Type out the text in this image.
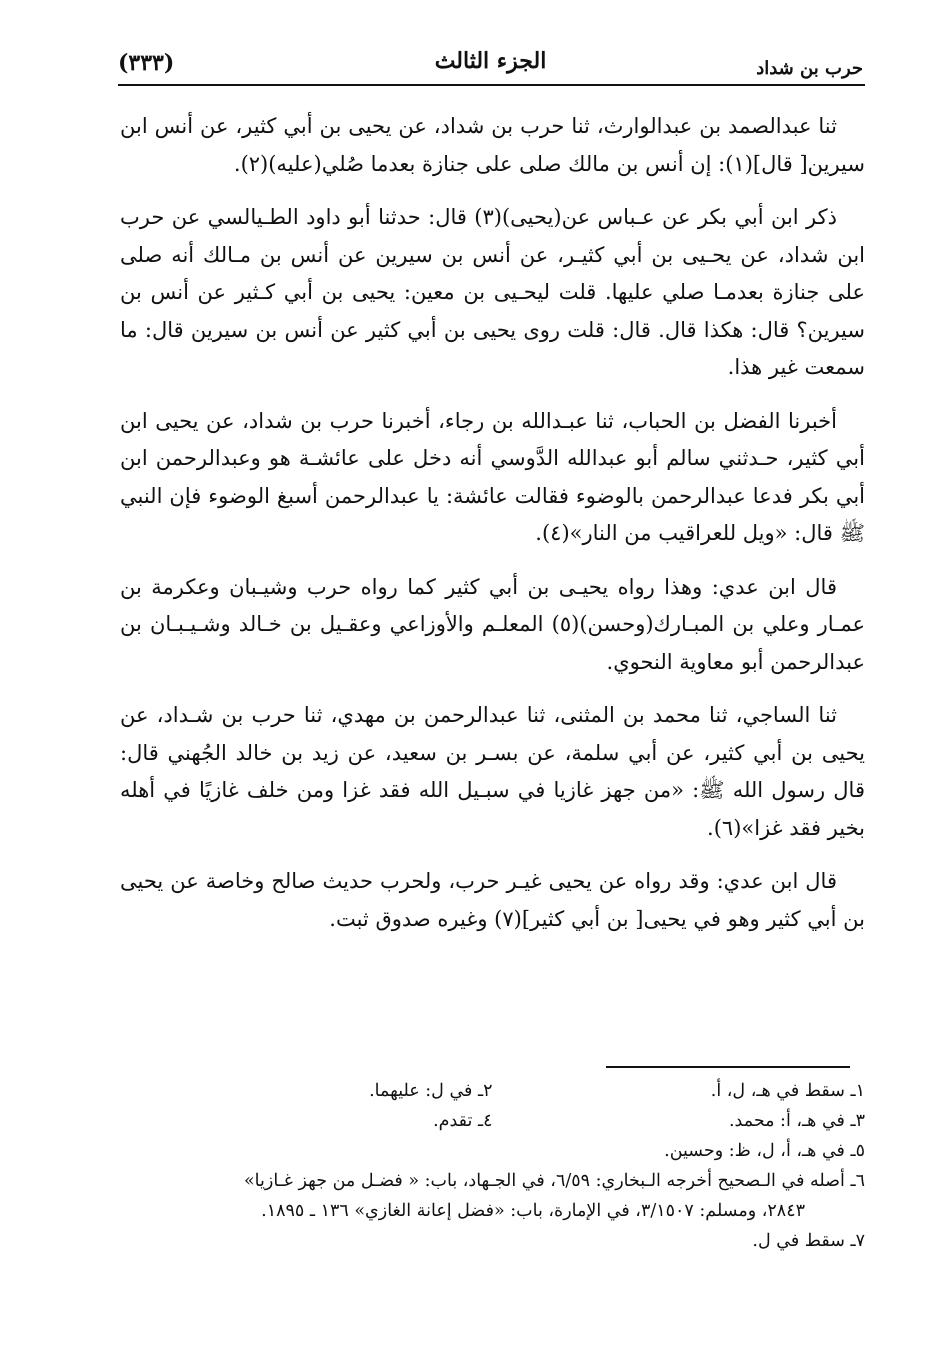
(٣٣٣)	الجزء الثالث	حرب بن شداد

ثنا عبدالصمد بن عبدالوارث، ثنا حرب بن شداد، عن يحيى بن أبي كثير، عن أنس ابن سيرين[ قال](١): إن أنس بن مالك صلى على جنازة بعدما صُلي(عليه)(٢).

ذكر ابن أبي بكر عن عـباس عن(يحيى)(٣) قال: حدثنا أبو داود الطـيالسي عن حرب ابن شداد، عن يحـيى بن أبي كثيـر، عن أنس بن سيرين عن أنس بن مـالك أنه صلى على جنازة بعدمـا صلي عليها. قلت ليحـيى بن معين: يحيى بن أبي كـثير عن أنس بن سيرين؟ قال: هكذا قال. قال: قلت روى يحيى بن أبي كثير عن أنس بن سيرين قال: ما سمعت غير هذا.

أخبرنا الفضل بن الحباب، ثنا عبـدالله بن رجاء، أخبرنا حرب بن شداد، عن يحيى ابن أبي كثير، حـدثني سالم أبو عبدالله الدَّوسي أنه دخل على عائشـة هو وعبدالرحمن ابن أبي بكر فدعا عبدالرحمن بالوضوء فقالت عائشة: يا عبدالرحمن أسبغ الوضوء فإن النبي ﷺ قال: «ويل للعراقيب من النار»(٤).

قال ابن عدي: وهذا رواه يحيـى بن أبي كثير كما رواه حرب وشيـبان وعكرمة بن عمـار وعلي بن المبـارك(وحسن)(٥) المعلـم والأوزاعي وعقـيل بن خـالد وشـيـبـان بن عبدالرحمن أبو معاوية النحوي.

ثنا الساجي، ثنا محمد بن المثنى، ثنا عبدالرحمن بن مهدي، ثنا حرب بن شـداد، عن يحيى بن أبي كثير، عن أبي سلمة، عن بسـر بن سعيد، عن زيد بن خالد الجُهني قال: قال رسول الله ﷺ: «من جهز غازيا في سبـيل الله فقد غزا ومن خلف غازيًا في أهله بخير فقد غزا»(٦).

قال ابن عدي: وقد رواه عن يحيى غيـر حرب، ولحرب حديث صالح وخاصة عن يحيى بن أبي كثير وهو في يحيى[ بن أبي كثير](٧) وغيره صدوق ثبت.

١ـ سقط في هـ، ل، أ.
٢ـ في ل: عليهما.
٣ـ في هـ، أ: محمد.
٤ـ تقدم.

٥ـ في هـ، أ، ل، ظ: وحسين.

٦ـ أصله في الـصحيح أخرجه الـبخاري: ٦/٥٩، في الجـهاد، باب: « فضـل من جهز غـازيا»

٢٨٤٣، ومسلم: ٣/١٥٠٧، في الإمارة، باب: «فضل إعانة الغازي» ١٣٦ ـ ١٨٩٥.

٧ـ سقط في ل.
